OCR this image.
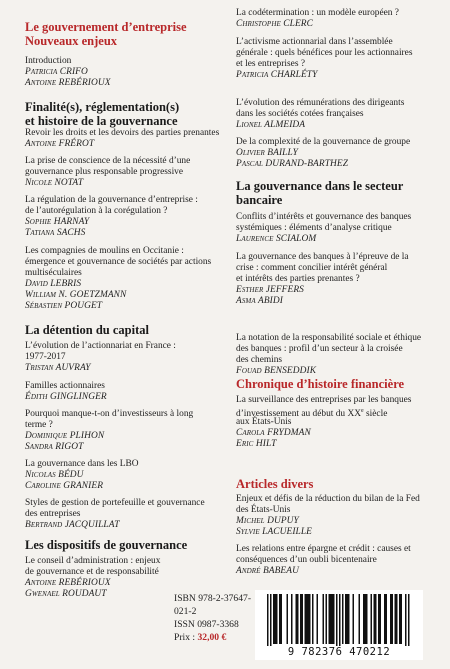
Le gouvernement d’entreprise
Nouveaux enjeux
Introduction
Patricia CRIFO
Antoine REBÉRIOUX
Finalité(s), réglementation(s)
et histoire de la gouvernance
Revoir les droits et les devoirs des parties prenantes
Antoine FRÉROT
La prise de conscience de la nécessité d’une
gouvernance plus responsable progressive
Nicole NOTAT
La régulation de la gouvernance d’entreprise :
de l’autorégulation à la corégulation ?
Sophie HARNAY
Tatiana SACHS
Les compagnies de moulins en Occitanie :
émergence et gouvernance de sociétés par actions
multiséculaires
David LEBRIS
William N. GOETZMANN
Sébastien POUGET
La détention du capital
L’évolution de l’actionnariat en France :
1977-2017
Tristan AUVRAY
Familles actionnaires
Édith GINGLINGER
Pourquoi manque-t-on d’investisseurs à long
terme ?
Dominique PLIHON
Sandra RIGOT
La gouvernance dans les LBO
Nicolas BÉDU
Caroline GRANIER
Styles de gestion de portefeuille et gouvernance
des entreprises
Bertrand JACQUILLAT
Les dispositifs de gouvernance
Le conseil d’administration : enjeux
de gouvernance et de responsabilité
Antoine REBÉRIOUX
Gwenael ROUDAUT
La codétermination : un modèle européen ?
Christophe CLERC
L’activisme actionnarial dans l’assemblée
générale : quels bénéfices pour les actionnaires
et les entreprises ?
Patricia CHARLÉTY
L’évolution des rémunérations des dirigeants
dans les sociétés cotées françaises
Lionel ALMEIDA
De la complexité de la gouvernance de groupe
Olivier BAILLY
Pascal DURAND-BARTHEZ
La gouvernance dans le secteur
bancaire
Conflits d’intérêts et gouvernance des banques
systémiques : éléments d’analyse critique
Laurence SCIALOM
La gouvernance des banques à l’épreuve de la
crise : comment concilier intérêt général
et intérêts des parties prenantes ?
Esther JEFFERS
Asma ABIDI
La notation de la responsabilité sociale et éthique
des banques : profil d’un secteur à la croisée
des chemins
Fouad BENSEDDIK
Chronique d’histoire financière
La surveillance des entreprises par les banques
d’investissement au début du XXe siècle
aux États-Unis
Carola FRYDMAN
Eric HILT
Articles divers
Enjeux et défis de la réduction du bilan de la Fed
des États-Unis
Michel DUPUY
Sylvie LACUEILLE
Les relations entre épargne et crédit : causes et
conséquences d’un oubli bicentenaire
André BABEAU
ISBN 978-2-37647-021-2
ISSN 0987-3368
Prix : 32,00 €
9 782376 470212
